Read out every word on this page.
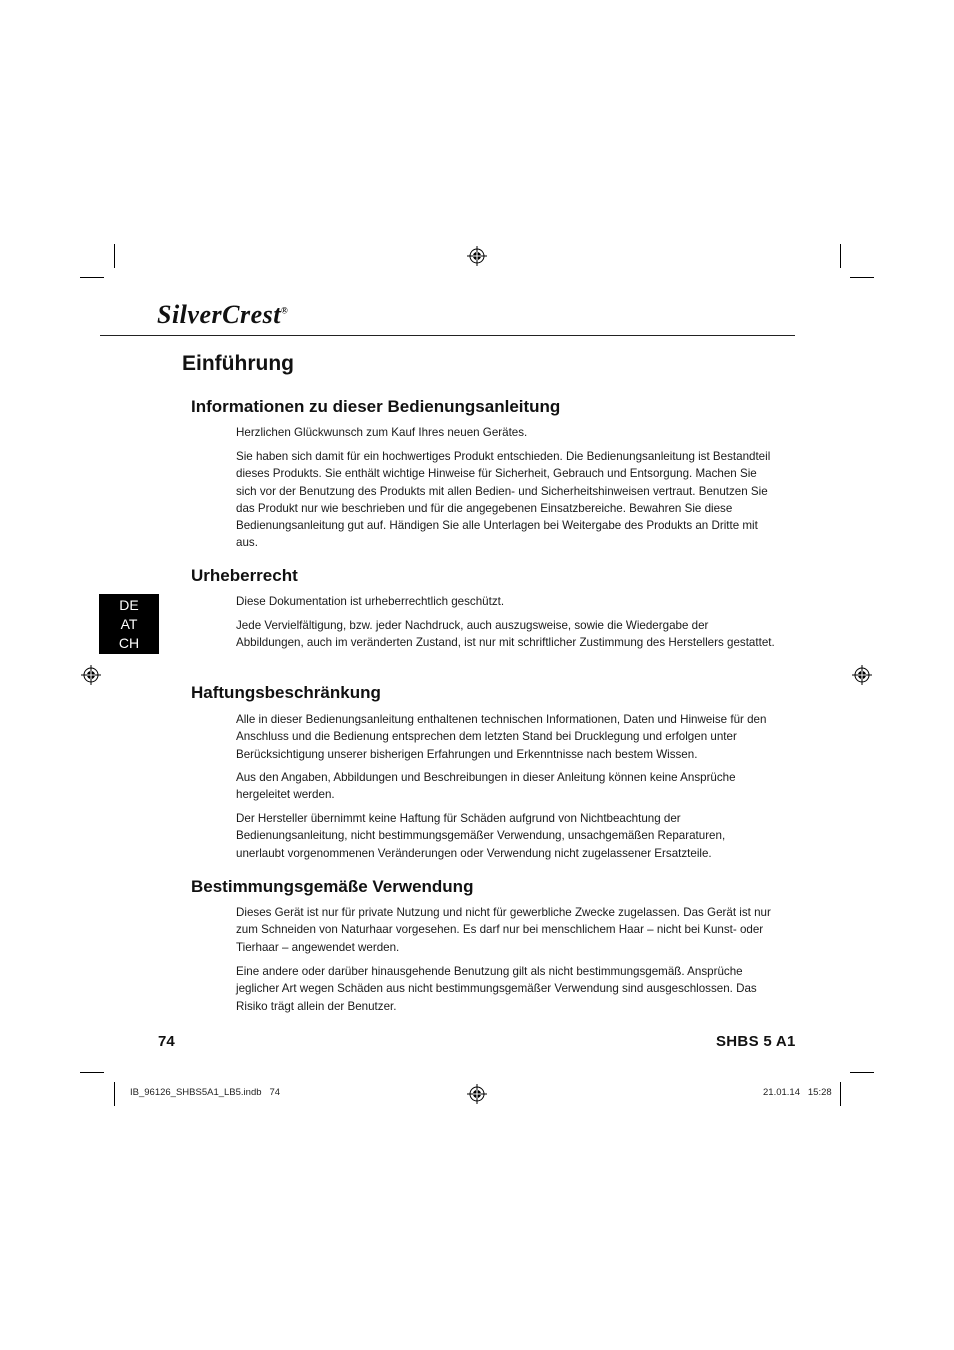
SilverCrest®
Einführung
Informationen zu dieser Bedienungsanleitung

Herzlichen Glückwunsch zum Kauf Ihres neuen Gerätes.

Sie haben sich damit für ein hochwertiges Produkt entschieden. Die Bedienungsanleitung ist Bestandteil dieses Produkts. Sie enthält wichtige Hinweise für Sicherheit, Gebrauch und Entsorgung. Machen Sie sich vor der Benutzung des Produkts mit allen Bedien- und Sicherheitshinweisen vertraut. Benutzen Sie das Produkt nur wie beschrieben und für die angegebenen Einsatzbereiche. Bewahren Sie diese Bedienungsanleitung gut auf. Händigen Sie alle Unterlagen bei Weitergabe des Produkts an Dritte mit aus.

Urheberrecht

Diese Dokumentation ist urheberrechtlich geschützt.

Jede Vervielfältigung, bzw. jeder Nachdruck, auch auszugsweise, sowie die Wiedergabe der Abbildungen, auch im veränderten Zustand, ist nur mit schriftlicher Zustimmung des Herstellers gestattet.

DE
AT
CH
Haftungsbeschränkung

Alle in dieser Bedienungsanleitung enthaltenen technischen Informationen, Daten und Hinweise für den Anschluss und die Bedienung entsprechen dem letzten Stand bei Drucklegung und erfolgen unter Berücksichtigung unserer bisherigen Erfahrungen und Erkenntnisse nach bestem Wissen.

Aus den Angaben, Abbildungen und Beschreibungen in dieser Anleitung können keine Ansprüche hergeleitet werden.

Der Hersteller übernimmt keine Haftung für Schäden aufgrund von Nichtbeachtung der Bedienungsanleitung, nicht bestimmungsgemäßer Verwendung, unsachgemäßen Reparaturen, unerlaubt vorgenommenen Veränderungen oder Verwendung nicht zugelassener Ersatzteile.

Bestimmungsgemäße Verwendung

Dieses Gerät ist nur für private Nutzung und nicht für gewerbliche Zwecke zugelassen. Das Gerät ist nur zum Schneiden von Naturhaar vorgesehen. Es darf nur bei menschlichem Haar – nicht bei Kunst- oder Tierhaar – angewendet werden.

Eine andere oder darüber hinausgehende Benutzung gilt als nicht bestimmungsgemäß. Ansprüche jeglicher Art wegen Schäden aus nicht bestimmungsgemäßer Verwendung sind ausgeschlossen. Das Risiko trägt allein der Benutzer.

74	SHBS 5 A1
IB_96126_SHBS5A1_LB5.indb   74	21.01.14   15:28
